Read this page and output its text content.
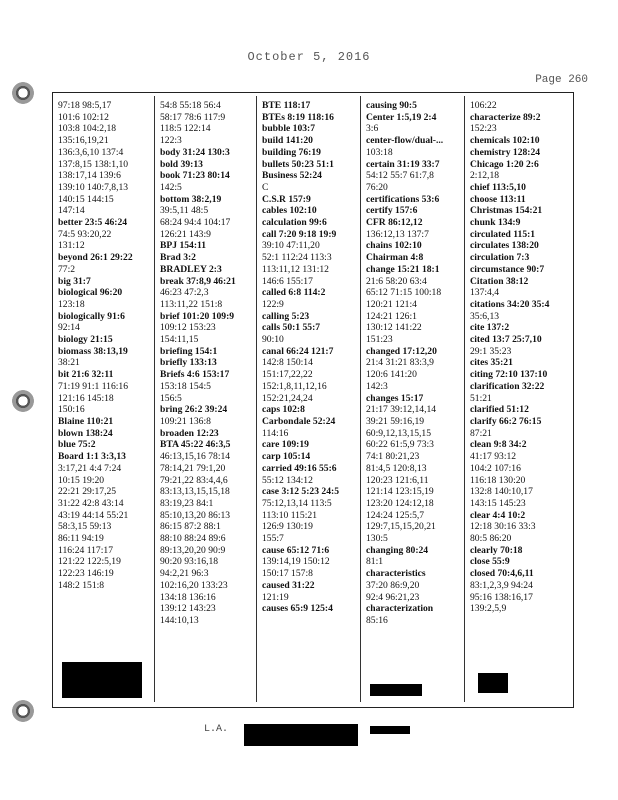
October 5, 2016
Page 260
97:18 98:5,17
101:6 102:12
103:8 104:2,18
135:16,19,21
136:3,6,10 137:4
137:8,15 138:1,10
138:17,14 139:6
139:10 140:7,8,13
140:15 144:15
147:14
better 23:5 46:24
74:5 93:20,22
131:12
beyond 26:1 29:22
77:2
big 31:7
biological 96:20
123:18
biologically 91:6
92:14
biology 21:15
biomass 38:13,19
38:21
bit 21:6 32:11
71:19 91:1 116:16
121:16 145:18
150:16
Blaine 110:21
blown 138:24
blue 75:2
Board 1:1 3:3,13
3:17,21 4:4 7:24
10:15 19:20
22:21 29:17,25
31:22 42:8 43:14
43:19 44:14 55:21
58:3,15 59:13
86:11 94:19
116:24 117:17
121:22 122:5,19
122:23 146:19
148:2 151:8
54:8 55:18 56:4
58:17 78:6 117:9
118:5 122:14
122:3
body 31:24 130:3
bold 39:13
book 71:23 80:14
142:5
bottom 38:2,19
39:5,11 48:5
68:24 94:4 104:17
126:21 143:9
BPJ 154:11
Brad 3:2
BRADLEY 2:3
break 37:8,9 46:21
46:23 47:2,3
113:11,22 151:8
brief 101:20 109:9
109:12 153:23
154:11,15
briefing 154:1
briefly 133:13
Briefs 4:6 153:17
153:18 154:5
156:5
bring 26:2 39:24
109:21 136:8
broaden 12:23
BTA 45:22 46:3,5
46:13,15,16 78:14
78:14,21 79:1,20
79:21,22 83:4,4,6
83:13,13,15,15,18
83:19,23 84:1
85:10,13,20 86:13
86:15 87:2 88:1
88:10 88:24 89:6
89:13,20,20 90:9
90:20 93:16,18
94:2,21 96:3
102:16,20 133:23
134:18 136:16
139:12 143:23
144:10,13
BTE 118:17
BTEs 8:19 118:16
bubble 103:7
build 141:20
building 76:19
bullets 50:23 51:1
Business 52:24
C
C.S.R 157:9
cables 102:10
calculation 99:6
call 7:20 9:18 19:9
39:10 47:11,20
52:1 112:24 113:3
113:11,12 131:12
146:6 155:17
called 6:8 114:2
122:9
calling 5:23
calls 50:1 55:7
90:10
canal 66:24 121:7
142:8 150:14
151:17,22,22
152:1,8,11,12,16
152:21,24,24
caps 102:8
Carbondale 52:24
114:16
care 109:19
carp 105:14
carried 49:16 55:6
55:12 134:12
case 3:12 5:23 24:5
75:12,13,14 113:5
113:10 115:21
126:9 130:19
155:7
cause 65:12 71:6
139:14,19 150:12
150:17 157:8
caused 31:22
121:19
causes 65:9 125:4
causing 90:5
Center 1:5,19 2:4
3:6
center-flow/dual-...
103:18
certain 31:19 33:7
54:12 55:7 61:7,8
76:20
certifications 53:6
certify 157:6
CFR 86:12,12
136:12,13 137:7
chains 102:10
Chairman 4:8
change 15:21 18:1
21:6 58:20 63:4
65:12 71:15 100:18
120:21 121:4
124:21 126:1
130:12 141:22
151:23
changed 17:12,20
21:4 31:21 83:3,9
120:6 141:20
142:3
changes 15:17
21:17 39:12,14,14
39:21 59:16,19
60:9,12,13,15,15
60:22 61:5,9 73:3
74:1 80:21,23
81:4,5 120:8,13
120:23 121:6,11
121:14 123:15,19
123:20 124:12,18
124:24 125:5,7
129:7,15,15,20,21
130:5
changing 80:24
81:1
characteristics
37:20 86:9,20
92:4 96:21,23
characterization
85:16
106:22
characterize 89:2
152:23
chemicals 102:10
chemistry 128:24
Chicago 1:20 2:6
2:12,18
chief 113:5,10
choose 113:11
Christmas 154:21
chunk 134:9
circulated 115:1
circulates 138:20
circulation 7:3
circumstance 90:7
Citation 38:12
137:4,4
citations 34:20 35:4
35:6,13
cite 137:2
cited 13:7 25:7,10
29:1 35:23
cites 35:21
citing 72:10 137:10
clarification 32:22
51:21
clarified 51:12
clarify 66:2 76:15
87:21
clean 9:8 34:2
41:17 93:12
104:2 107:16
116:18 130:20
132:8 140:10,17
143:15 145:23
clear 4:4 10:2
12:18 30:16 33:3
80:5 86:20
clearly 70:18
close 55:9
closed 70:4,6,11
83:1,2,3,9 94:24
95:16 138:16,17
139:2,5,9
L.A.
